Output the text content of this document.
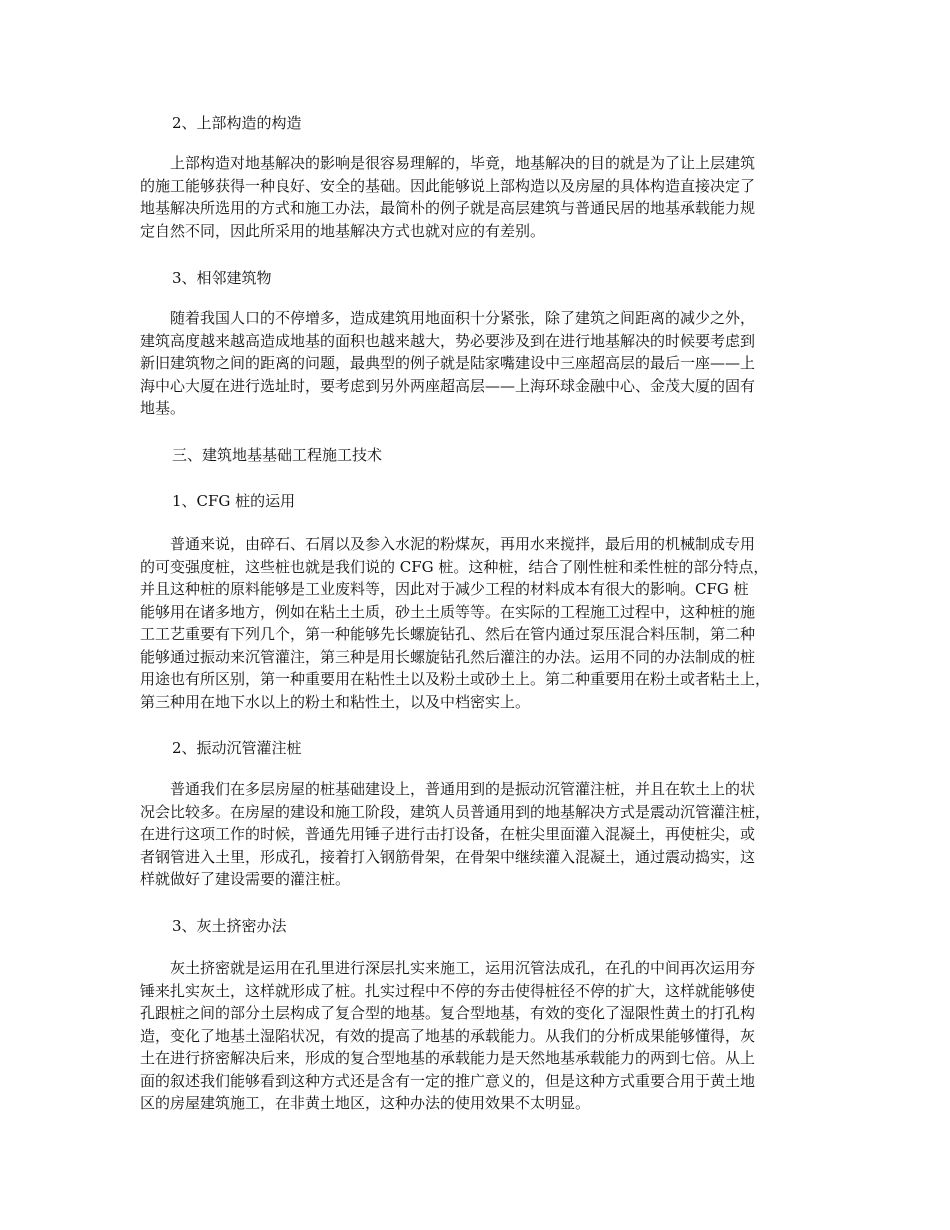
2、上部构造的构造
　　上部构造对地基解决的影响是很容易理解的，毕竟，地基解决的目的就是为了让上层建筑
的施工能够获得一种良好、安全的基础。因此能够说上部构造以及房屋的具体构造直接决定了
地基解决所选用的方式和施工办法，最简朴的例子就是高层建筑与普通民居的地基承载能力规
定自然不同，因此所采用的地基解决方式也就对应的有差别。
3、相邻建筑物
　　随着我国人口的不停增多，造成建筑用地面积十分紧张，除了建筑之间距离的减少之外，
建筑高度越来越高造成地基的面积也越来越大，势必要涉及到在进行地基解决的时候要考虑到
新旧建筑物之间的距离的问题，最典型的例子就是陆家嘴建设中三座超高层的最后一座——上
海中心大厦在进行选址时，要考虑到另外两座超高层——上海环球金融中心、金茂大厦的固有
地基。
三、建筑地基基础工程施工技术
1、CFG 桩的运用
　　普通来说，由碎石、石屑以及参入水泥的粉煤灰，再用水来搅拌，最后用的机械制成专用
的可变强度桩，这些桩也就是我们说的 CFG 桩。这种桩，结合了刚性桩和柔性桩的部分特点，
并且这种桩的原料能够是工业废料等，因此对于减少工程的材料成本有很大的影响。CFG 桩
能够用在诸多地方，例如在粘土土质，砂土土质等等。在实际的工程施工过程中，这种桩的施
工工艺重要有下列几个，第一种能够先长螺旋钻孔、然后在管内通过泵压混合料压制，第二种
能够通过振动来沉管灌注，第三种是用长螺旋钻孔然后灌注的办法。运用不同的办法制成的桩
用途也有所区别，第一种重要用在粘性土以及粉土或砂土上。第二种重要用在粉土或者粘土上，
第三种用在地下水以上的粉土和粘性土，以及中档密实上。
2、振动沉管灌注桩
　　普通我们在多层房屋的桩基础建设上，普通用到的是振动沉管灌注桩，并且在软土上的状
况会比较多。在房屋的建设和施工阶段，建筑人员普通用到的地基解决方式是震动沉管灌注桩，
在进行这项工作的时候，普通先用锤子进行击打设备，在桩尖里面灌入混凝土，再使桩尖，或
者钢管进入土里，形成孔，接着打入钢筋骨架，在骨架中继续灌入混凝土，通过震动捣实，这
样就做好了建设需要的灌注桩。
3、灰土挤密办法
　　灰土挤密就是运用在孔里进行深层扎实来施工，运用沉管法成孔，在孔的中间再次运用夯
锤来扎实灰土，这样就形成了桩。扎实过程中不停的夯击使得桩径不停的扩大，这样就能够使
孔跟桩之间的部分土层构成了复合型的地基。复合型地基，有效的变化了湿限性黄土的打孔构
造，变化了地基土湿陷状况，有效的提高了地基的承载能力。从我们的分析成果能够懂得，灰
土在进行挤密解决后来，形成的复合型地基的承载能力是天然地基承载能力的两到七倍。从上
面的叙述我们能够看到这种方式还是含有一定的推广意义的，但是这种方式重要合用于黄土地
区的房屋建筑施工，在非黄土地区，这种办法的使用效果不太明显。
